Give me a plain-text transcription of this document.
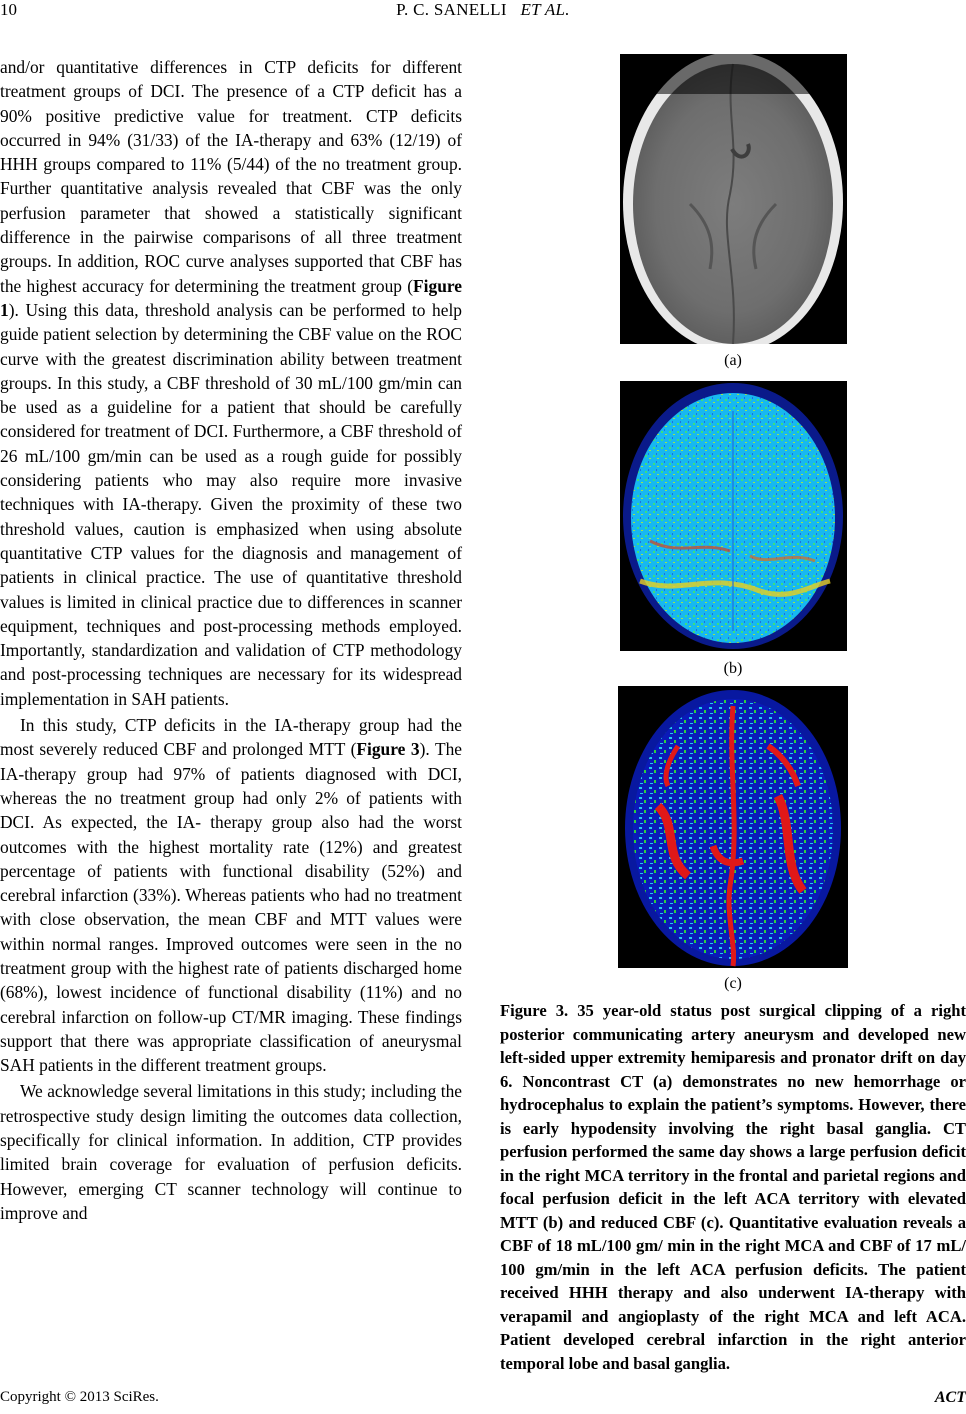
10	P. C. SANELLI ET AL.

and/or quantitative differences in CTP deficits for different treatment groups of DCI. The presence of a CTP deficit has a 90% positive predictive value for treatment. CTP deficits occurred in 94% (31/33) of the IA-therapy and 63% (12/19) of HHH groups compared to 11% (5/44) of the no treatment group. Further quantitative analysis revealed that CBF was the only perfusion parameter that showed a statistically significant difference in the pairwise comparisons of all three treatment groups. In addition, ROC curve analyses supported that CBF has the highest accuracy for determining the treatment group (Figure 1). Using this data, threshold analysis can be performed to help guide patient selection by determining the CBF value on the ROC curve with the greatest discrimination ability between treatment groups. In this study, a CBF threshold of 30 mL/100 gm/min can be used as a guideline for a patient that should be carefully considered for treatment of DCI. Furthermore, a CBF threshold of 26 mL/100 gm/min can be used as a rough guide for possibly considering patients who may also require more invasive techniques with IA-therapy. Given the proximity of these two threshold values, caution is emphasized when using absolute quantitative CTP values for the diagnosis and management of patients in clinical practice. The use of quantitative threshold values is limited in clinical practice due to differences in scanner equipment, techniques and post-processing methods employed. Importantly, standardization and validation of CTP methodology and post-processing techniques are necessary for its widespread implementation in SAH patients.

In this study, CTP deficits in the IA-therapy group had the most severely reduced CBF and prolonged MTT (Figure 3). The IA-therapy group had 97% of patients diagnosed with DCI, whereas the no treatment group had only 2% of patients with DCI. As expected, the IA- therapy group also had the worst outcomes with the highest mortality rate (12%) and greatest percentage of patients with functional disability (52%) and cerebral infarction (33%). Whereas patients who had no treatment with close observation, the mean CBF and MTT values were within normal ranges. Improved outcomes were seen in the no treatment group with the highest rate of patients discharged home (68%), lowest incidence of functional disability (11%) and no cerebral infarction on follow-up CT/MR imaging. These findings support that there was appropriate classification of aneurysmal SAH patients in the different treatment groups.

We acknowledge several limitations in this study; including the retrospective study design limiting the outcomes data collection, specifically for clinical information. In addition, CTP provides limited brain coverage for evaluation of perfusion deficits. However, emerging CT scanner technology will continue to improve and

(a)
(b)
(c)
Figure 3. 35 year-old status post surgical clipping of a right posterior communicating artery aneurysm and developed new left-sided upper extremity hemiparesis and pronator drift on day 6. Noncontrast CT (a) demonstrates no new hemorrhage or hydrocephalus to explain the patient’s symptoms. However, there is early hypodensity involving the right basal ganglia. CT perfusion performed the same day shows a large perfusion deficit in the right MCA territory in the frontal and parietal regions and focal perfusion deficit in the left ACA territory with elevated MTT (b) and reduced CBF (c). Quantitative evaluation reveals a CBF of 18 mL/100 gm/ min in the right MCA and CBF of 17 mL/ 100 gm/min in the left ACA perfusion deficits. The patient received HHH therapy and also underwent IA-therapy with verapamil and angioplasty of the right MCA and left ACA. Patient developed cerebral infarction in the right anterior temporal lobe and basal ganglia.
Copyright © 2013 SciRes.	ACT
